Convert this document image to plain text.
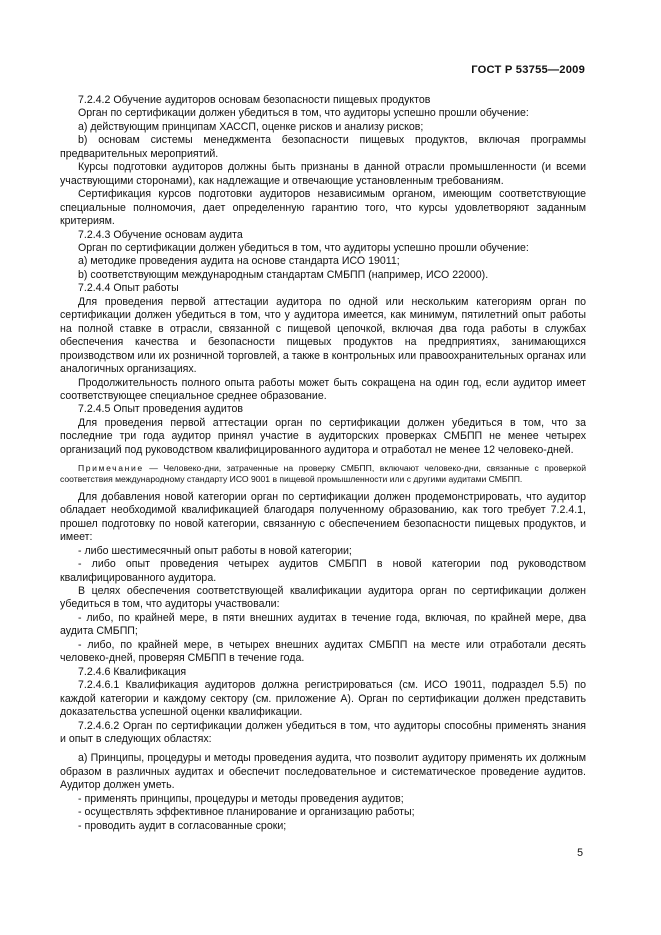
ГОСТ Р 53755—2009

7.2.4.2 Обучение аудиторов основам безопасности пищевых продуктов

Орган по сертификации должен убедиться в том, что аудиторы успешно прошли обучение:

а) действующим принципам ХАССП, оценке рисков и анализу рисков;

b) основам системы менеджмента безопасности пищевых продуктов, включая программы предварительных мероприятий.

Курсы подготовки аудиторов должны быть признаны в данной отрасли промышленности (и всеми участвующими сторонами), как надлежащие и отвечающие установленным требованиям.

Сертификация курсов подготовки аудиторов независимым органом, имеющим соответствующие специальные полномочия, дает определенную гарантию того, что курсы удовлетворяют заданным критериям.

7.2.4.3 Обучение основам аудита

Орган по сертификации должен убедиться в том, что аудиторы успешно прошли обучение:

а) методике проведения аудита на основе стандарта ИСО 19011;

b) соответствующим международным стандартам СМБПП (например, ИСО 22000).

7.2.4.4 Опыт работы

Для проведения первой аттестации аудитора по одной или нескольким категориям орган по сертификации должен убедиться в том, что у аудитора имеется, как минимум, пятилетний опыт работы на полной ставке в отрасли, связанной с пищевой цепочкой, включая два года работы в службах обеспечения качества и безопасности пищевых продуктов на предприятиях, занимающихся производством или их розничной торговлей, а также в контрольных или правоохранительных органах или аналогичных организациях.

Продолжительность полного опыта работы может быть сокращена на один год, если аудитор имеет соответствующее специальное среднее образование.

7.2.4.5 Опыт проведения аудитов

Для проведения первой аттестации орган по сертификации должен убедиться в том, что за последние три года аудитор принял участие в аудиторских проверках СМБПП не менее четырех организаций под руководством квалифицированного аудитора и отработал не менее 12 человеко-дней.

Примечание — Человеко-дни, затраченные на проверку СМБПП, включают человеко-дни, связанные с проверкой соответствия международному стандарту ИСО 9001 в пищевой промышленности или с другими аудитами СМБПП.

Для добавления новой категории орган по сертификации должен продемонстрировать, что аудитор обладает необходимой квалификацией благодаря полученному образованию, как того требует 7.2.4.1, прошел подготовку по новой категории, связанную с обеспечением безопасности пищевых продуктов, и имеет:

- либо шестимесячный опыт работы в новой категории;

- либо опыт проведения четырех аудитов СМБПП в новой категории под руководством квалифицированного аудитора.

В целях обеспечения соответствующей квалификации аудитора орган по сертификации должен убедиться в том, что аудиторы участвовали:

- либо, по крайней мере, в пяти внешних аудитах в течение года, включая, по крайней мере, два аудита СМБПП;

- либо, по крайней мере, в четырех внешних аудитах СМБПП на месте или отработали десять человеко-дней, проверяя СМБПП в течение года.

7.2.4.6 Квалификация

7.2.4.6.1 Квалификация аудиторов должна регистрироваться (см. ИСО 19011, подраздел 5.5) по каждой категории и каждому сектору (см. приложение А). Орган по сертификации должен представить доказательства успешной оценки квалификации.

7.2.4.6.2 Орган по сертификации должен убедиться в том, что аудиторы способны применять знания и опыт в следующих областях:

а) Принципы, процедуры и методы проведения аудита, что позволит аудитору применять их должным образом в различных аудитах и обеспечит последовательное и систематическое проведение аудитов. Аудитор должен уметь.

- применять принципы, процедуры и методы проведения аудитов;

- осуществлять эффективное планирование и организацию работы;

- проводить аудит в согласованные сроки;

5
